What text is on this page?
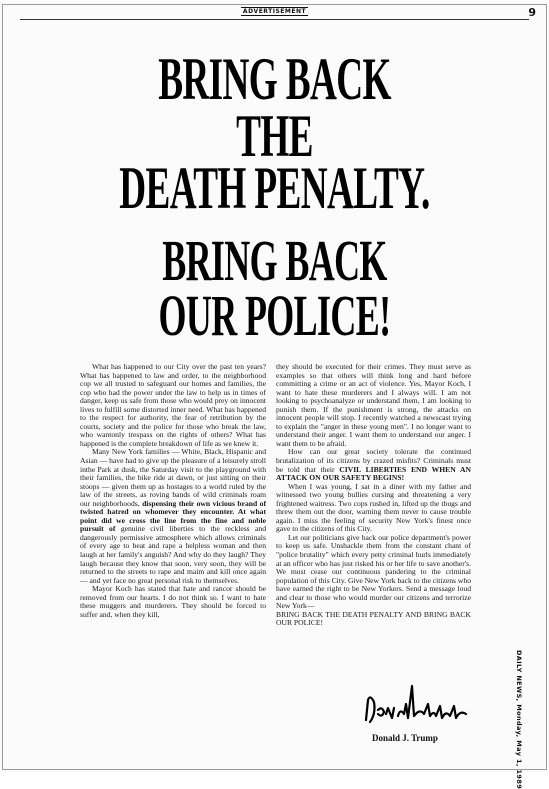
ADVERTISEMENT	9
BRING BACK
THE
DEATH PENALTY.
BRING BACK
OUR POLICE!

What has happened to our City over the past ten years? What has happened to law and order, to the neighborhood cop we all trusted to safeguard our homes and families, the cop who had the power under the law to help us in times of danger, keep us safe from those who would prey on innocent lives to fulfill some distorted inner need. What has happened to the respect for authority, the fear of retribution by the courts, society and the police for those who break the law, who wantonly trespass on the rights of others? What has happened is the complete breakdown of life as we knew it.

Many New York families — White, Black, Hispanic and Asian — have had to give up the pleasure of a leisurely stroll inthe Park at dusk, the Saturday visit to the playground with their families, the bike ride at dawn, or just sitting on their stoops — given them up as hostages to a world ruled by the law of the streets, as roving bands of wild criminals roam our neighborhoods, dispensing their own vicious brand of twisted hatred on whomever they encounter. At what point did we cross the line from the fine and noble pursuit of genuine civil liberties to the reckless and dangerously permissive atmosphere which allows criminals of every age to beat and rape a helpless woman and then laugh at her family's anguish? And why do they laugh? They laugh because they know that soon, very soon, they will be returned to the streets to rape and maim and kill once again — and yet face no great personal risk to themselves.

Mayor Koch has stated that hate and rancor should be removed from our hearts. I do not think so. I want to hate these muggers and murderers. They should be forced to suffer and, when they kill,

they should be executed for their crimes. They must serve as examples so that others will think long and hard before committing a crime or an act of violence. Yes, Mayor Koch, I want to hate these murderers and I always will. I am not looking to psychoanalyze or understand them, I am looking to punish them. If the punishment is strong, the attacks on innocent people will stop. I recently watched a newscast trying to explain the "anger in these young men". I no longer want to understand their anger. I want them to understand our anger. I want them to be afraid.

How can our great society tolerate the continued brutalization of its citizens by crazed misfits? Criminals must be told that their CIVIL LIBERTIES END WHEN AN ATTACK ON OUR SAFETY BEGINS!

When I was young, I sat in a diner with my father and witnessed two young bullies cursing and threatening a very frightened waitress. Two cops rushed in, lifted up the thugs and threw them out the door, warning them never to cause trouble again. I miss the feeling of security New York's finest once gave to the citizens of this City.

Let our politicians give back our police department's power to keep us safe. Unshackle them from the constant chant of "police brutality" which every petty criminal hurls immediately at an officer who has just risked his or her life to save another's. We must cease our continuous pandering to the criminal population of this City. Give New York back to the citizens who have earned the right to be New Yorkers. Send a message loud and clear to those who would murder our citizens and terrorize New York—
BRING BACK THE DEATH PENALTY AND BRING BACK OUR POLICE!

Donald J. Trump	DAILY NEWS, Monday, May 1, 1989
